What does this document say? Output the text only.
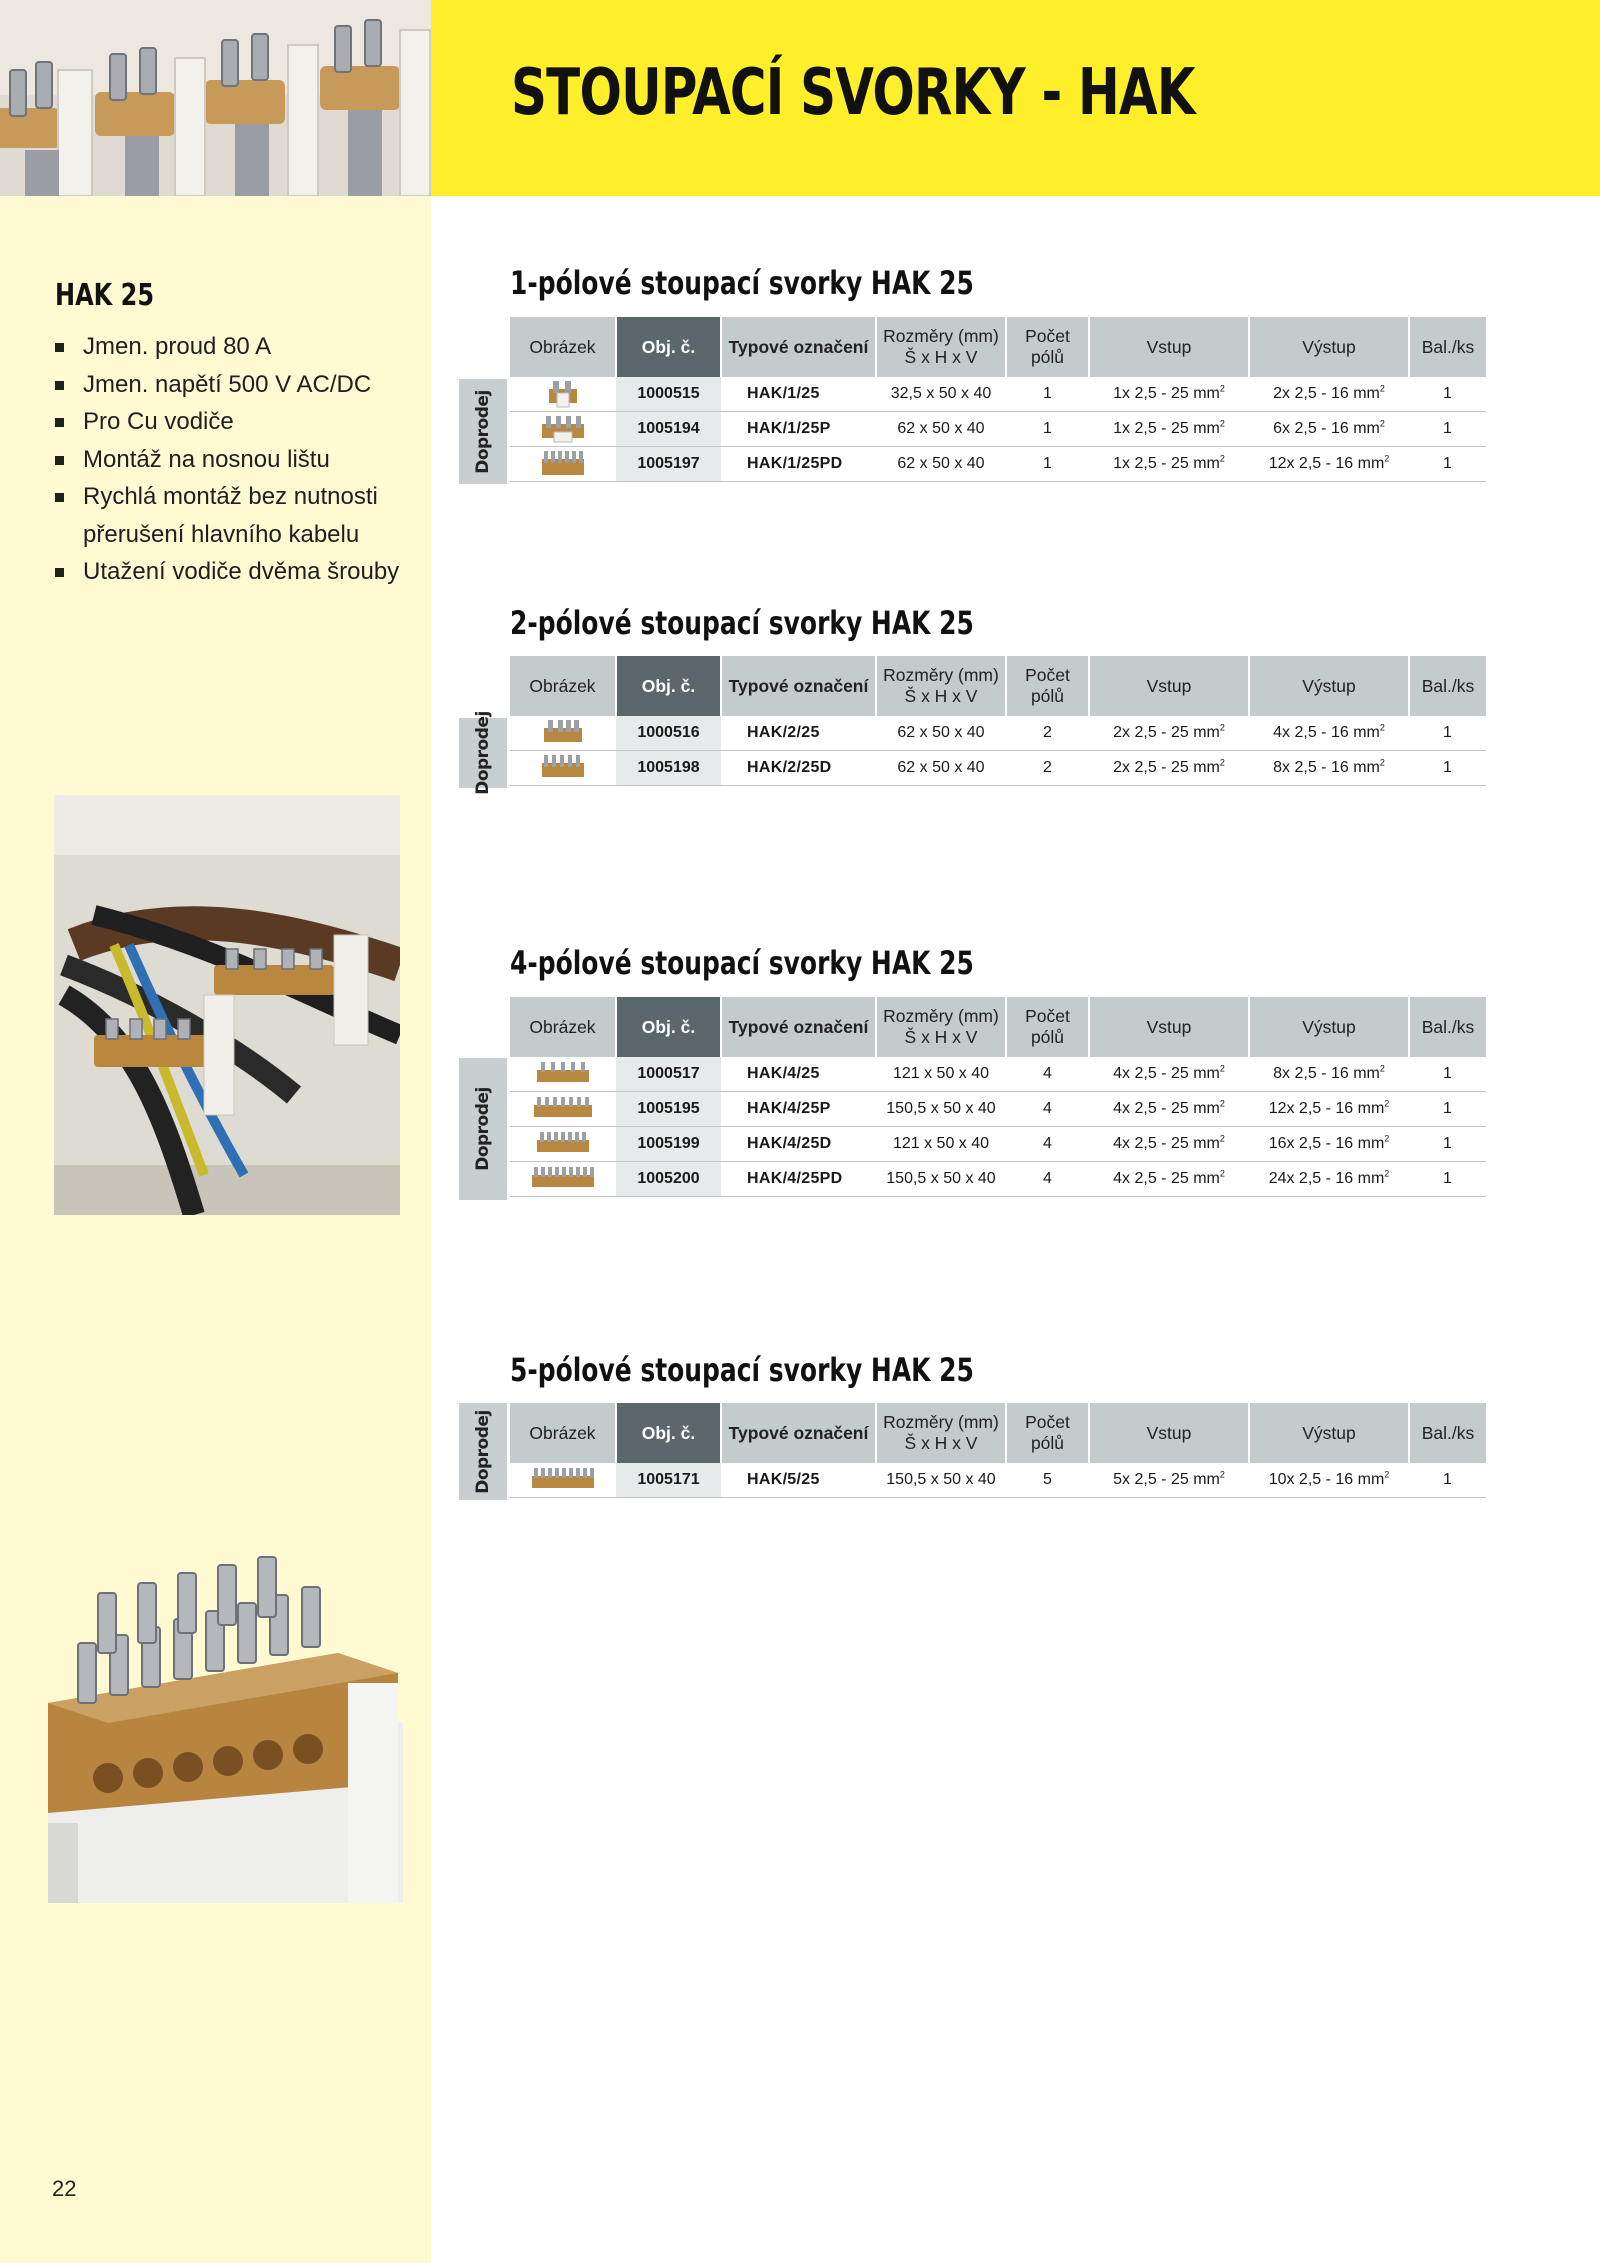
STOUPACÍ SVORKY - HAK
HAK 25
Jmen. proud 80 A
Jmen. napětí 500 V AC/DC
Pro Cu vodiče
Montáž na nosnou lištu
Rychlá montáž bez nutnosti přerušení hlavního kabelu
Utažení vodiče dvěma šrouby
22
1-pólové stoupací svorky HAK 25
Doprodej
Obrázek	Obj. č.	Typové označení	Rozměry (mm)
Š x H x V	Počet
pólů	Vstup	Výstup	Bal./ks
	1000515	HAK/1/25	32,5 x 50 x 40	1	1x 2,5 - 25 $mm^2$	2x 2,5 - 16 $mm^2$	1
	1005194	HAK/1/25P	62 x 50 x 40	1	1x 2,5 - 25 $mm^2$	6x 2,5 - 16 $mm^2$	1
	1005197	HAK/1/25PD	62 x 50 x 40	1	1x 2,5 - 25 $mm^2$	12x 2,5 - 16 $mm^2$	1
2-pólové stoupací svorky HAK 25
Doprodej
Obrázek	Obj. č.	Typové označení	Rozměry (mm)
Š x H x V	Počet
pólů	Vstup	Výstup	Bal./ks
	1000516	HAK/2/25	62 x 50 x 40	2	2x 2,5 - 25 $mm^2$	4x 2,5 - 16 $mm^2$	1
	1005198	HAK/2/25D	62 x 50 x 40	2	2x 2,5 - 25 $mm^2$	8x 2,5 - 16 $mm^2$	1
4-pólové stoupací svorky HAK 25
Doprodej
Obrázek	Obj. č.	Typové označení	Rozměry (mm)
Š x H x V	Počet
pólů	Vstup	Výstup	Bal./ks
	1000517	HAK/4/25	121 x 50 x 40	4	4x 2,5 - 25 $mm^2$	8x 2,5 - 16 $mm^2$	1
	1005195	HAK/4/25P	150,5 x 50 x 40	4	4x 2,5 - 25 $mm^2$	12x 2,5 - 16 $mm^2$	1
	1005199	HAK/4/25D	121 x 50 x 40	4	4x 2,5 - 25 $mm^2$	16x 2,5 - 16 $mm^2$	1
	1005200	HAK/4/25PD	150,5 x 50 x 40	4	4x 2,5 - 25 $mm^2$	24x 2,5 - 16 $mm^2$	1
5-pólové stoupací svorky HAK 25
Doprodej Obrázek	Obj. č.	Typové označení	Rozměry (mm)
Š x H x V	Počet
pólů	Vstup	Výstup	Bal./ks
	1005171	HAK/5/25	150,5 x 50 x 40	5	5x 2,5 - 25 $mm^2$	10x 2,5 - 16 $mm^2$	1
